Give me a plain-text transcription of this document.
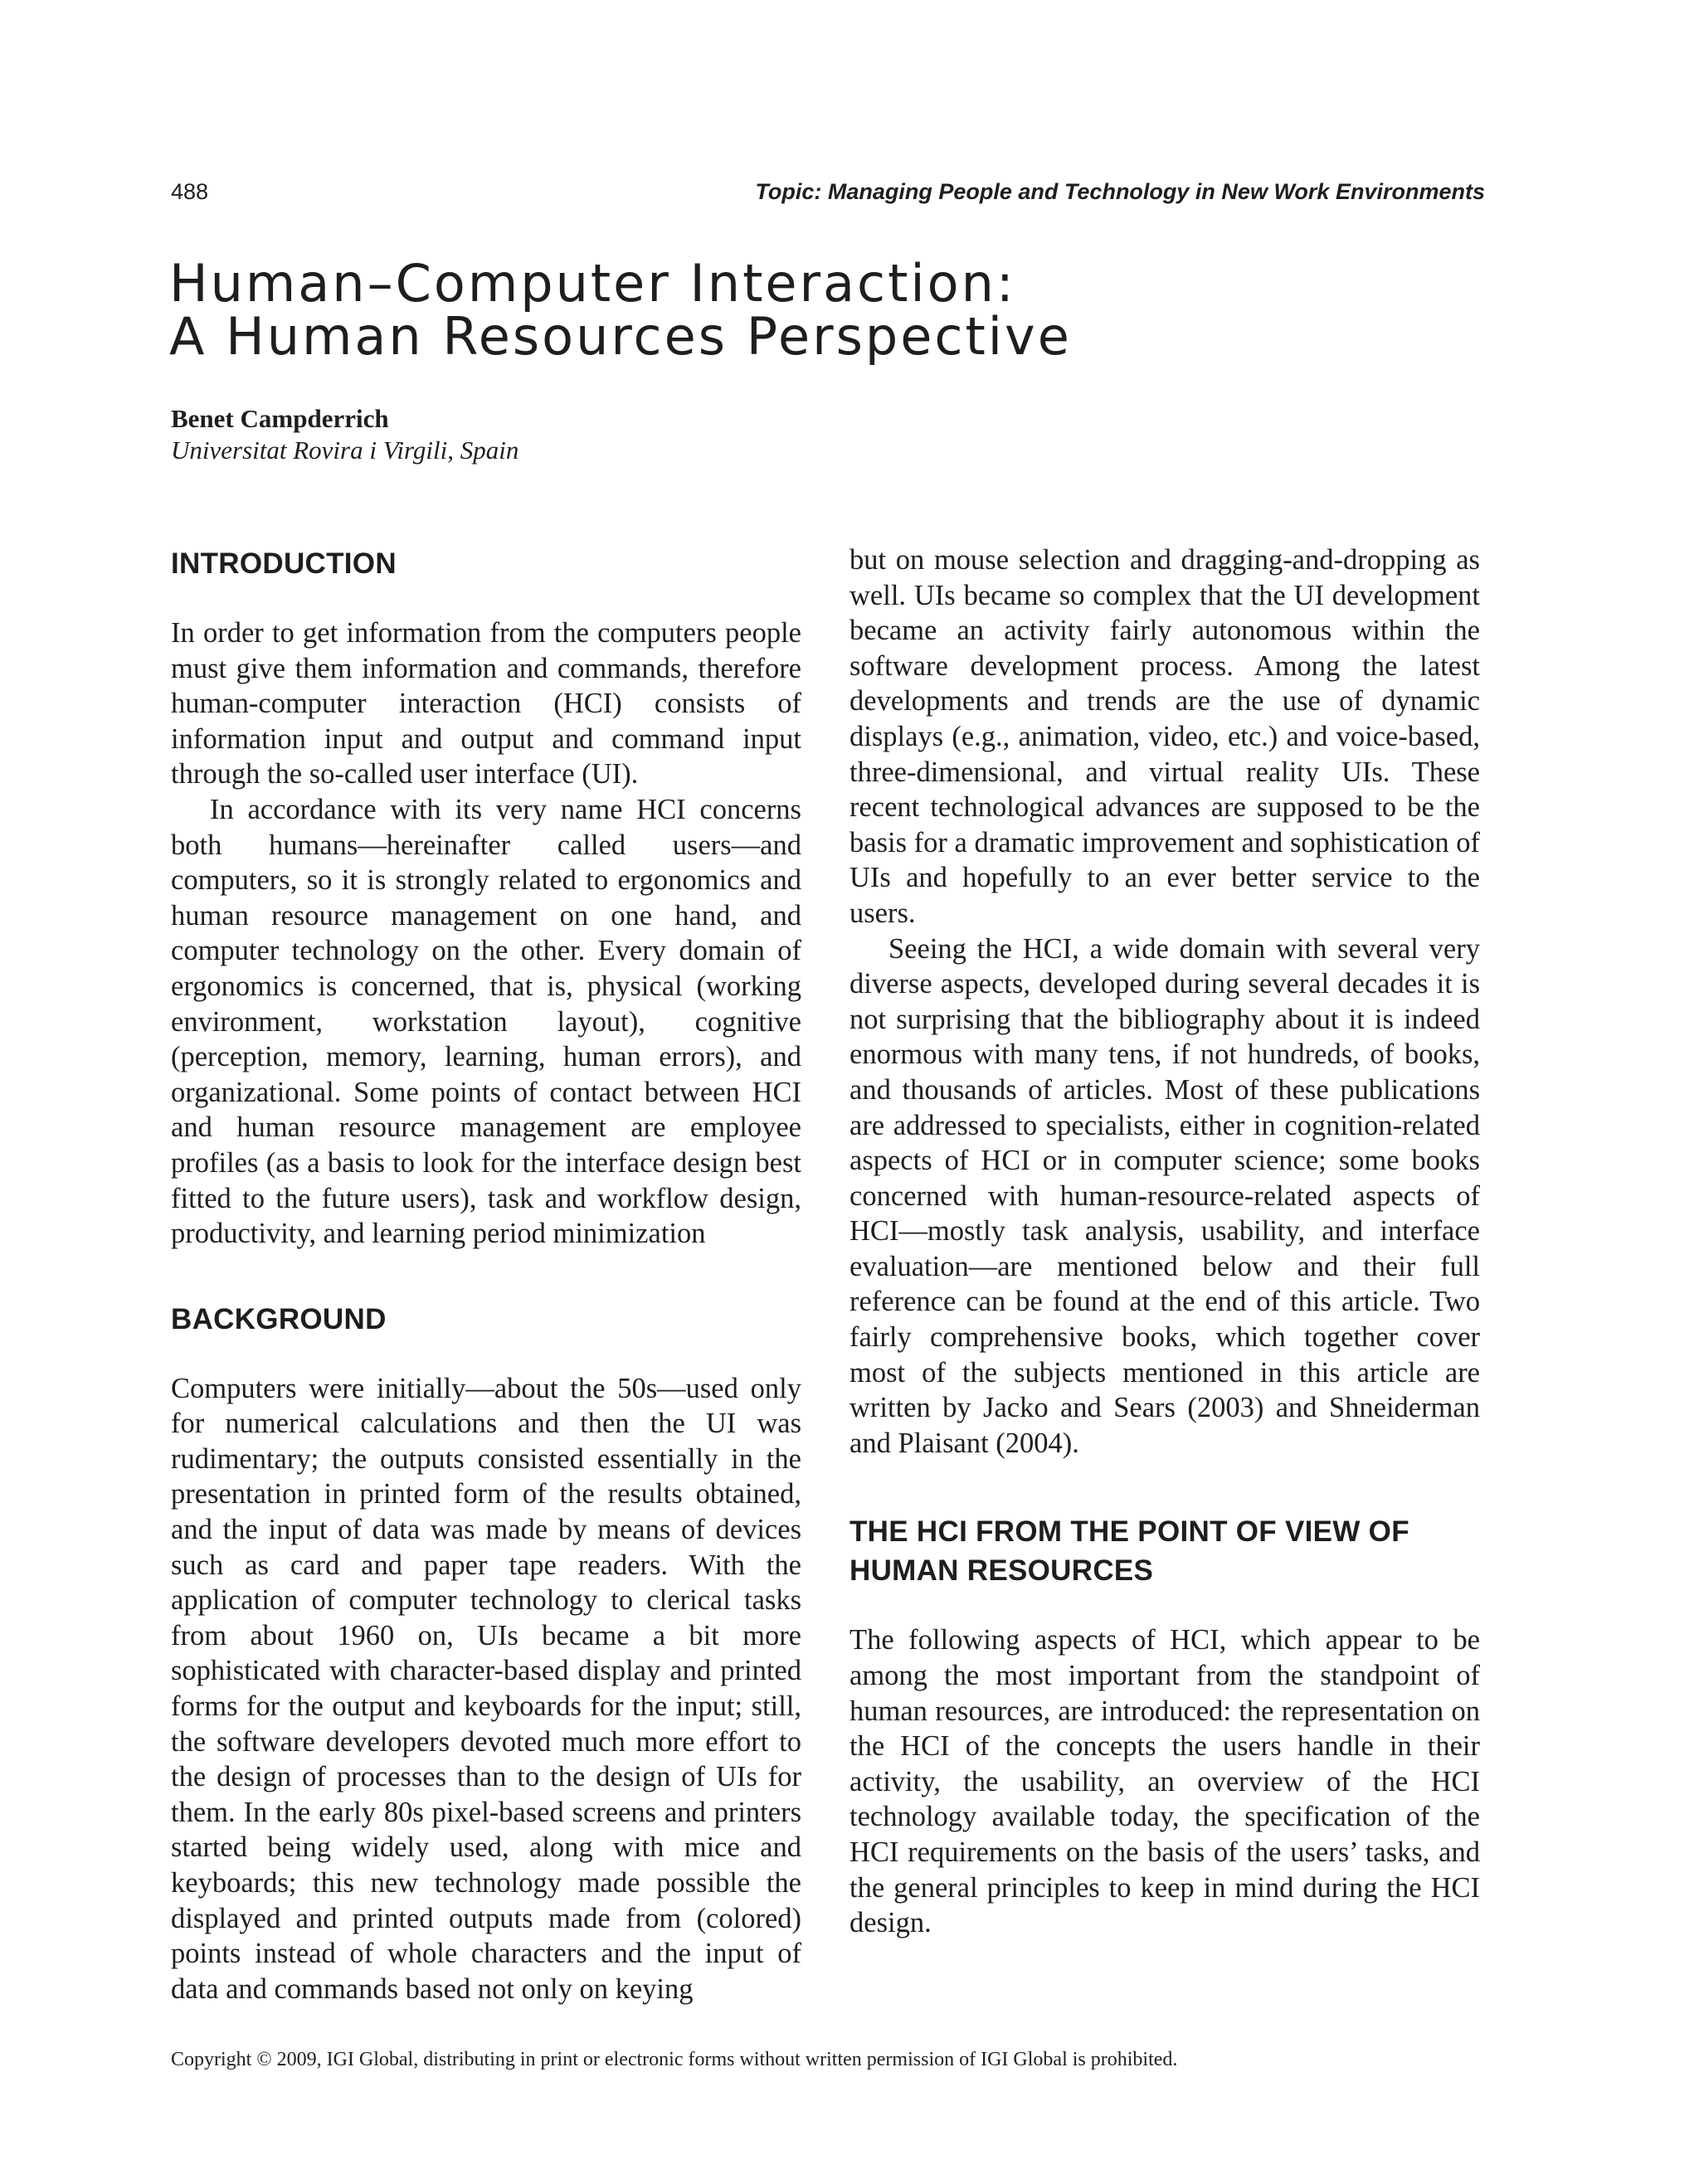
488	Topic: Managing People and Technology in New Work Environments
Human–Computer Interaction:
A Human Resources Perspective
Benet Campderrich
Universitat Rovira i Virgili, Spain
INTRODUCTION

In order to get information from the computers people must give them information and commands, therefore human-computer interaction (HCI) consists of information input and output and command input through the so-called user interface (UI).

In accordance with its very name HCI concerns both humans—hereinafter called users—and computers, so it is strongly related to ergonomics and human resource management on one hand, and computer technology on the other. Every domain of ergonomics is concerned, that is, physical (working environment, workstation layout), cognitive (perception, memory, learning, human errors), and organizational. Some points of contact between HCI and human resource management are employee profiles (as a basis to look for the interface design best fitted to the future users), task and workflow design, productivity, and learning period minimization

BACKGROUND

Computers were initially—about the 50s—used only for numerical calculations and then the UI was rudimentary; the outputs consisted essentially in the presentation in printed form of the results obtained, and the input of data was made by means of devices such as card and paper tape readers. With the application of computer technology to clerical tasks from about 1960 on, UIs became a bit more sophisticated with character-based display and printed forms for the output and keyboards for the input; still, the software developers devoted much more effort to the design of processes than to the design of UIs for them. In the early 80s pixel-based screens and printers started being widely used, along with mice and keyboards; this new technology made possible the displayed and printed outputs made from (colored) points instead of whole characters and the input of data and commands based not only on keying

but on mouse selection and dragging-and-dropping as well. UIs became so complex that the UI development became an activity fairly autonomous within the software development process. Among the latest developments and trends are the use of dynamic displays (e.g., animation, video, etc.) and voice-based, three-dimensional, and virtual reality UIs. These recent technological advances are supposed to be the basis for a dramatic improvement and sophistication of UIs and hopefully to an ever better service to the users.

Seeing the HCI, a wide domain with several very diverse aspects, developed during several decades it is not surprising that the bibliography about it is indeed enormous with many tens, if not hundreds, of books, and thousands of articles. Most of these publications are addressed to specialists, either in cognition-related aspects of HCI or in computer science; some books concerned with human-resource-related aspects of HCI—mostly task analysis, usability, and interface evaluation—are mentioned below and their full reference can be found at the end of this article. Two fairly comprehensive books, which together cover most of the subjects mentioned in this article are written by Jacko and Sears (2003) and Shneiderman and Plaisant (2004).

THE HCI FROM THE POINT OF VIEW OF HUMAN RESOURCES

The following aspects of HCI, which appear to be among the most important from the standpoint of human resources, are introduced: the representation on the HCI of the concepts the users handle in their activity, the usability, an overview of the HCI technology available today, the specification of the HCI requirements on the basis of the users’ tasks, and the general principles to keep in mind during the HCI design.

Copyright © 2009, IGI Global, distributing in print or electronic forms without written permission of IGI Global is prohibited.
